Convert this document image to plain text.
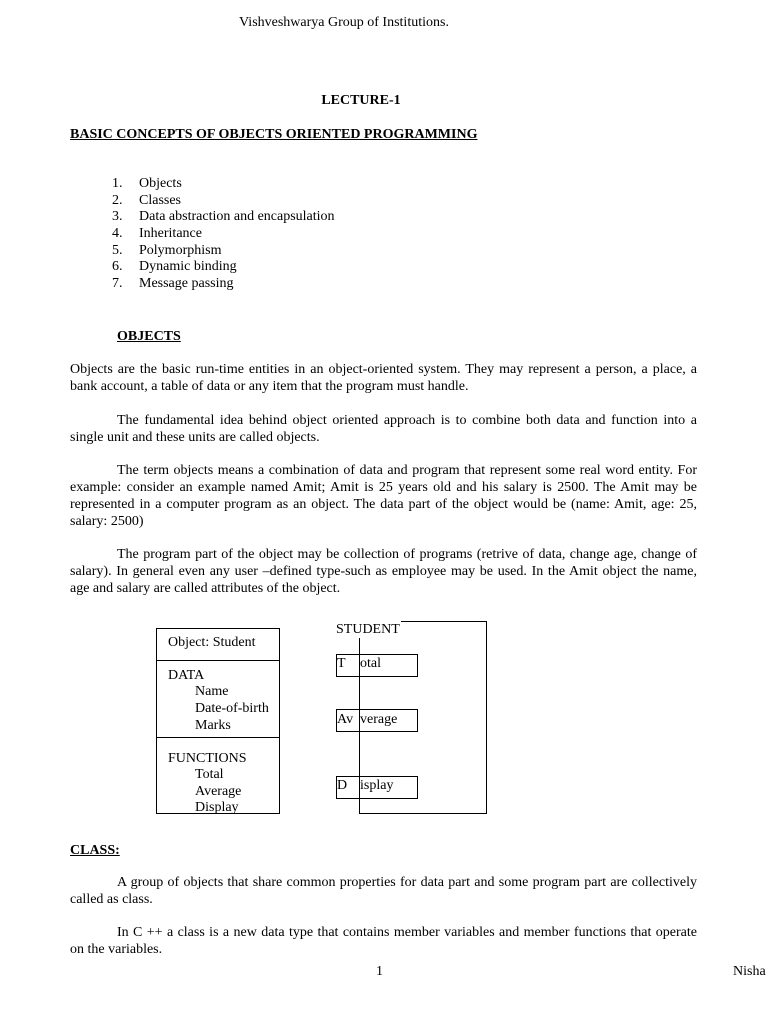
Vishveshwarya Group of Institutions.
LECTURE-1
BASIC CONCEPTS OF OBJECTS ORIENTED PROGRAMMING
1. Objects
2. Classes
3. Data abstraction and encapsulation
4. Inheritance
5. Polymorphism
6. Dynamic binding
7. Message passing
OBJECTS

Objects are the basic run-time entities in an object-oriented system. They may represent a person, a place, a bank account, a table of data or any item that the program must handle.

The fundamental idea behind object oriented approach is to combine both data and function into a single unit and these units are called objects.

The term objects means a combination of data and program that represent some real word entity. For example: consider an example named Amit; Amit is 25 years old and his salary is 2500. The Amit may be represented in a computer program as an object. The data part of the object would be (name: Amit, age: 25, salary: 2500)

The program part of the object may be collection of programs (retrive of data, change age, change of salary). In general even any user –defined type-such as employee may be used. In the Amit object the name, age and salary are called attributes of the object.

Object: Student
DATA
Name
Date-of-birth
Marks
FUNCTIONS
Total
Average
Display
STUDENT
T otal
Av verage
D isplay
CLASS:

A group of objects that share common properties for data part and some program part are collectively called as class.

In C ++ a class is a new data type that contains member variables and member functions that operate on the variables.

1	Nisha
